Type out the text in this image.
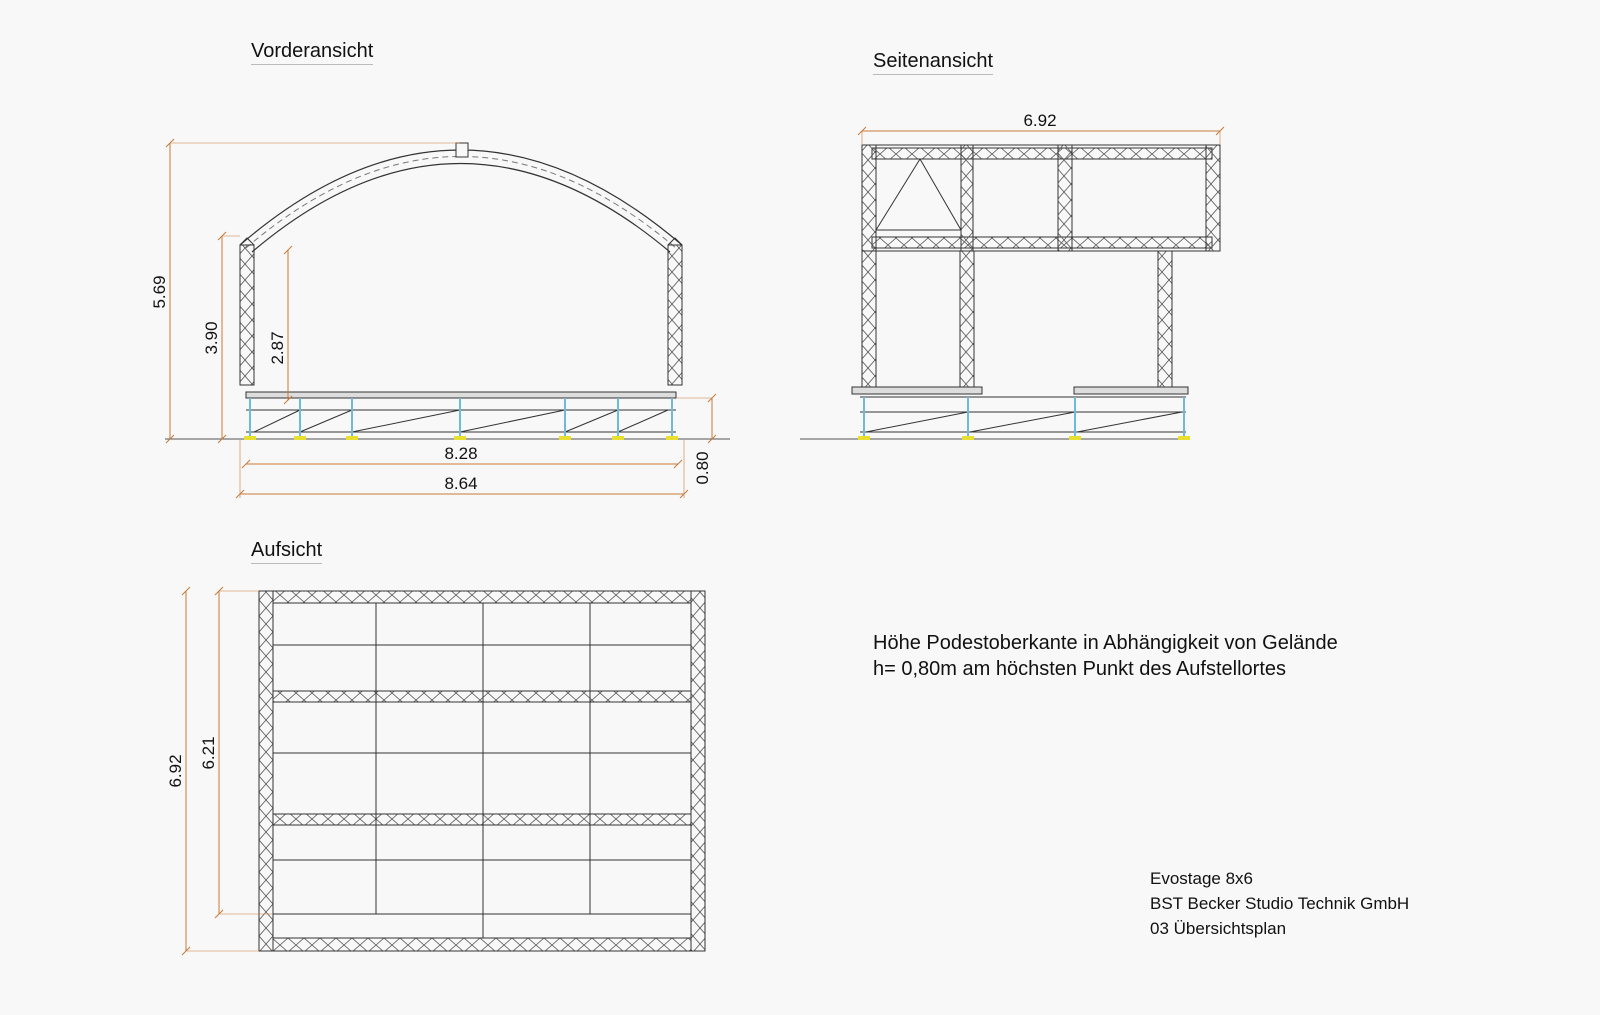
5.69
3.90	2.87
8.28
8.64	0.80
6.92
6.92
6.21
Vorderansicht	Seitenansicht
Aufsicht
Höhe Podestoberkante in Abhängigkeit von Gelände
h= 0,80m am höchsten Punkt des Aufstellortes
Evostage 8x6
BST Becker Studio Technik GmbH
03 Übersichtsplan
